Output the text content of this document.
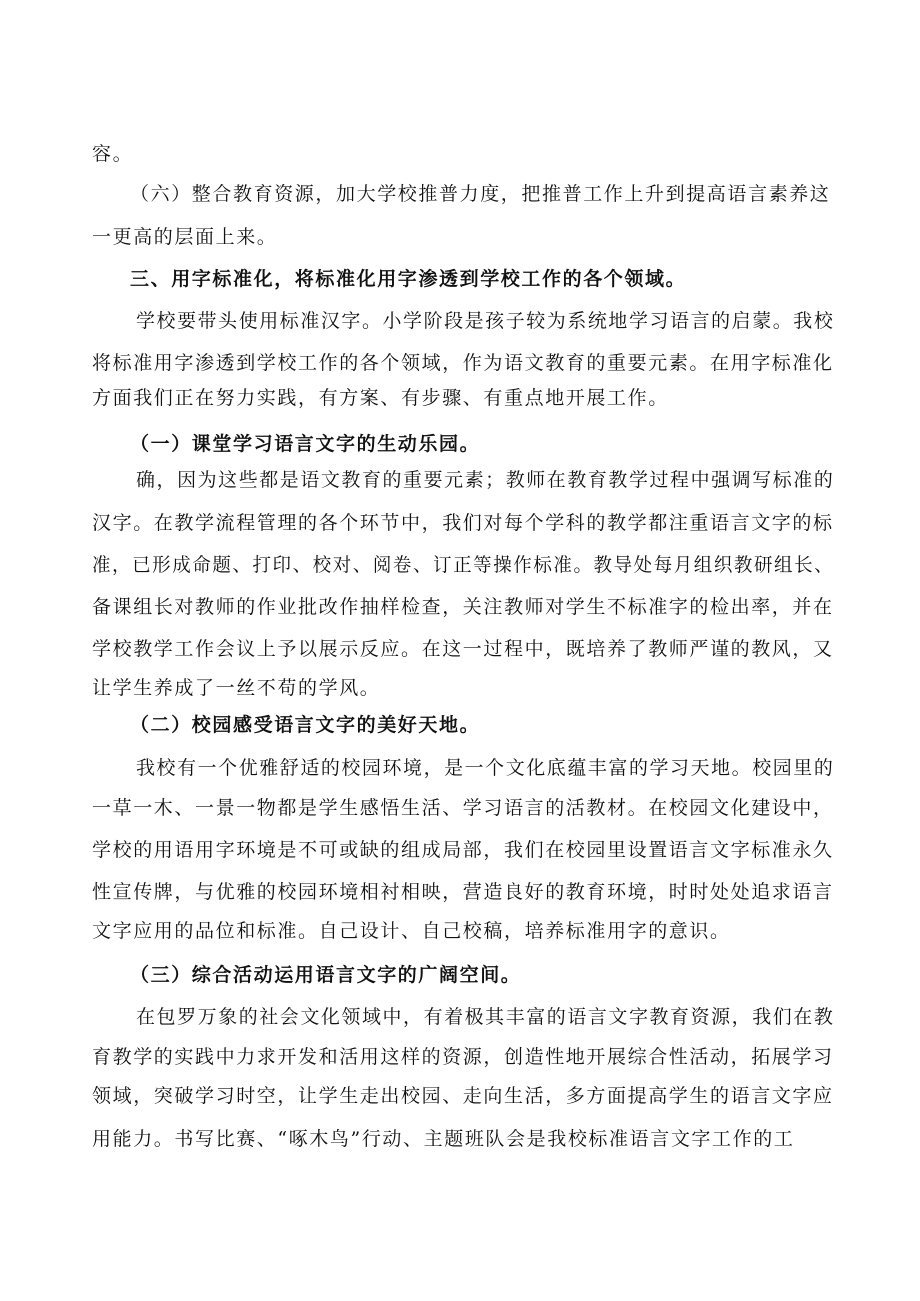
容。
（六）整合教育资源，加大学校推普力度，把推普工作上升到提高语言素养这
一更高的层面上来。
三、用字标准化，将标准化用字渗透到学校工作的各个领域。
学校要带头使用标准汉字。小学阶段是孩子较为系统地学习语言的启蒙。我校
将标准用字渗透到学校工作的各个领域，作为语文教育的重要元素。在用字标准化
方面我们正在努力实践，有方案、有步骤、有重点地开展工作。
（一）课堂学习语言文字的生动乐园。
确，因为这些都是语文教育的重要元素；教师在教育教学过程中强调写标准的
汉字。在教学流程管理的各个环节中，我们对每个学科的教学都注重语言文字的标
准，已形成命题、打印、校对、阅卷、订正等操作标准。教导处每月组织教研组长、
备课组长对教师的作业批改作抽样检查，关注教师对学生不标准字的检出率，并在
学校教学工作会议上予以展示反应。在这一过程中，既培养了教师严谨的教风，又
让学生养成了一丝不苟的学风。
（二）校园感受语言文字的美好天地。
我校有一个优雅舒适的校园环境，是一个文化底蕴丰富的学习天地。校园里的
一草一木、一景一物都是学生感悟生活、学习语言的活教材。在校园文化建设中，
学校的用语用字环境是不可或缺的组成局部，我们在校园里设置语言文字标准永久
性宣传牌，与优雅的校园环境相衬相映，营造良好的教育环境，时时处处追求语言
文字应用的品位和标准。自己设计、自己校稿，培养标准用字的意识。
（三）综合活动运用语言文字的广阔空间。
在包罗万象的社会文化领域中，有着极其丰富的语言文字教育资源，我们在教
育教学的实践中力求开发和活用这样的资源，创造性地开展综合性活动，拓展学习
领域，突破学习时空，让学生走出校园、走向生活，多方面提高学生的语言文字应
用能力。书写比赛、“啄木鸟”行动、主题班队会是我校标准语言文字工作的工
